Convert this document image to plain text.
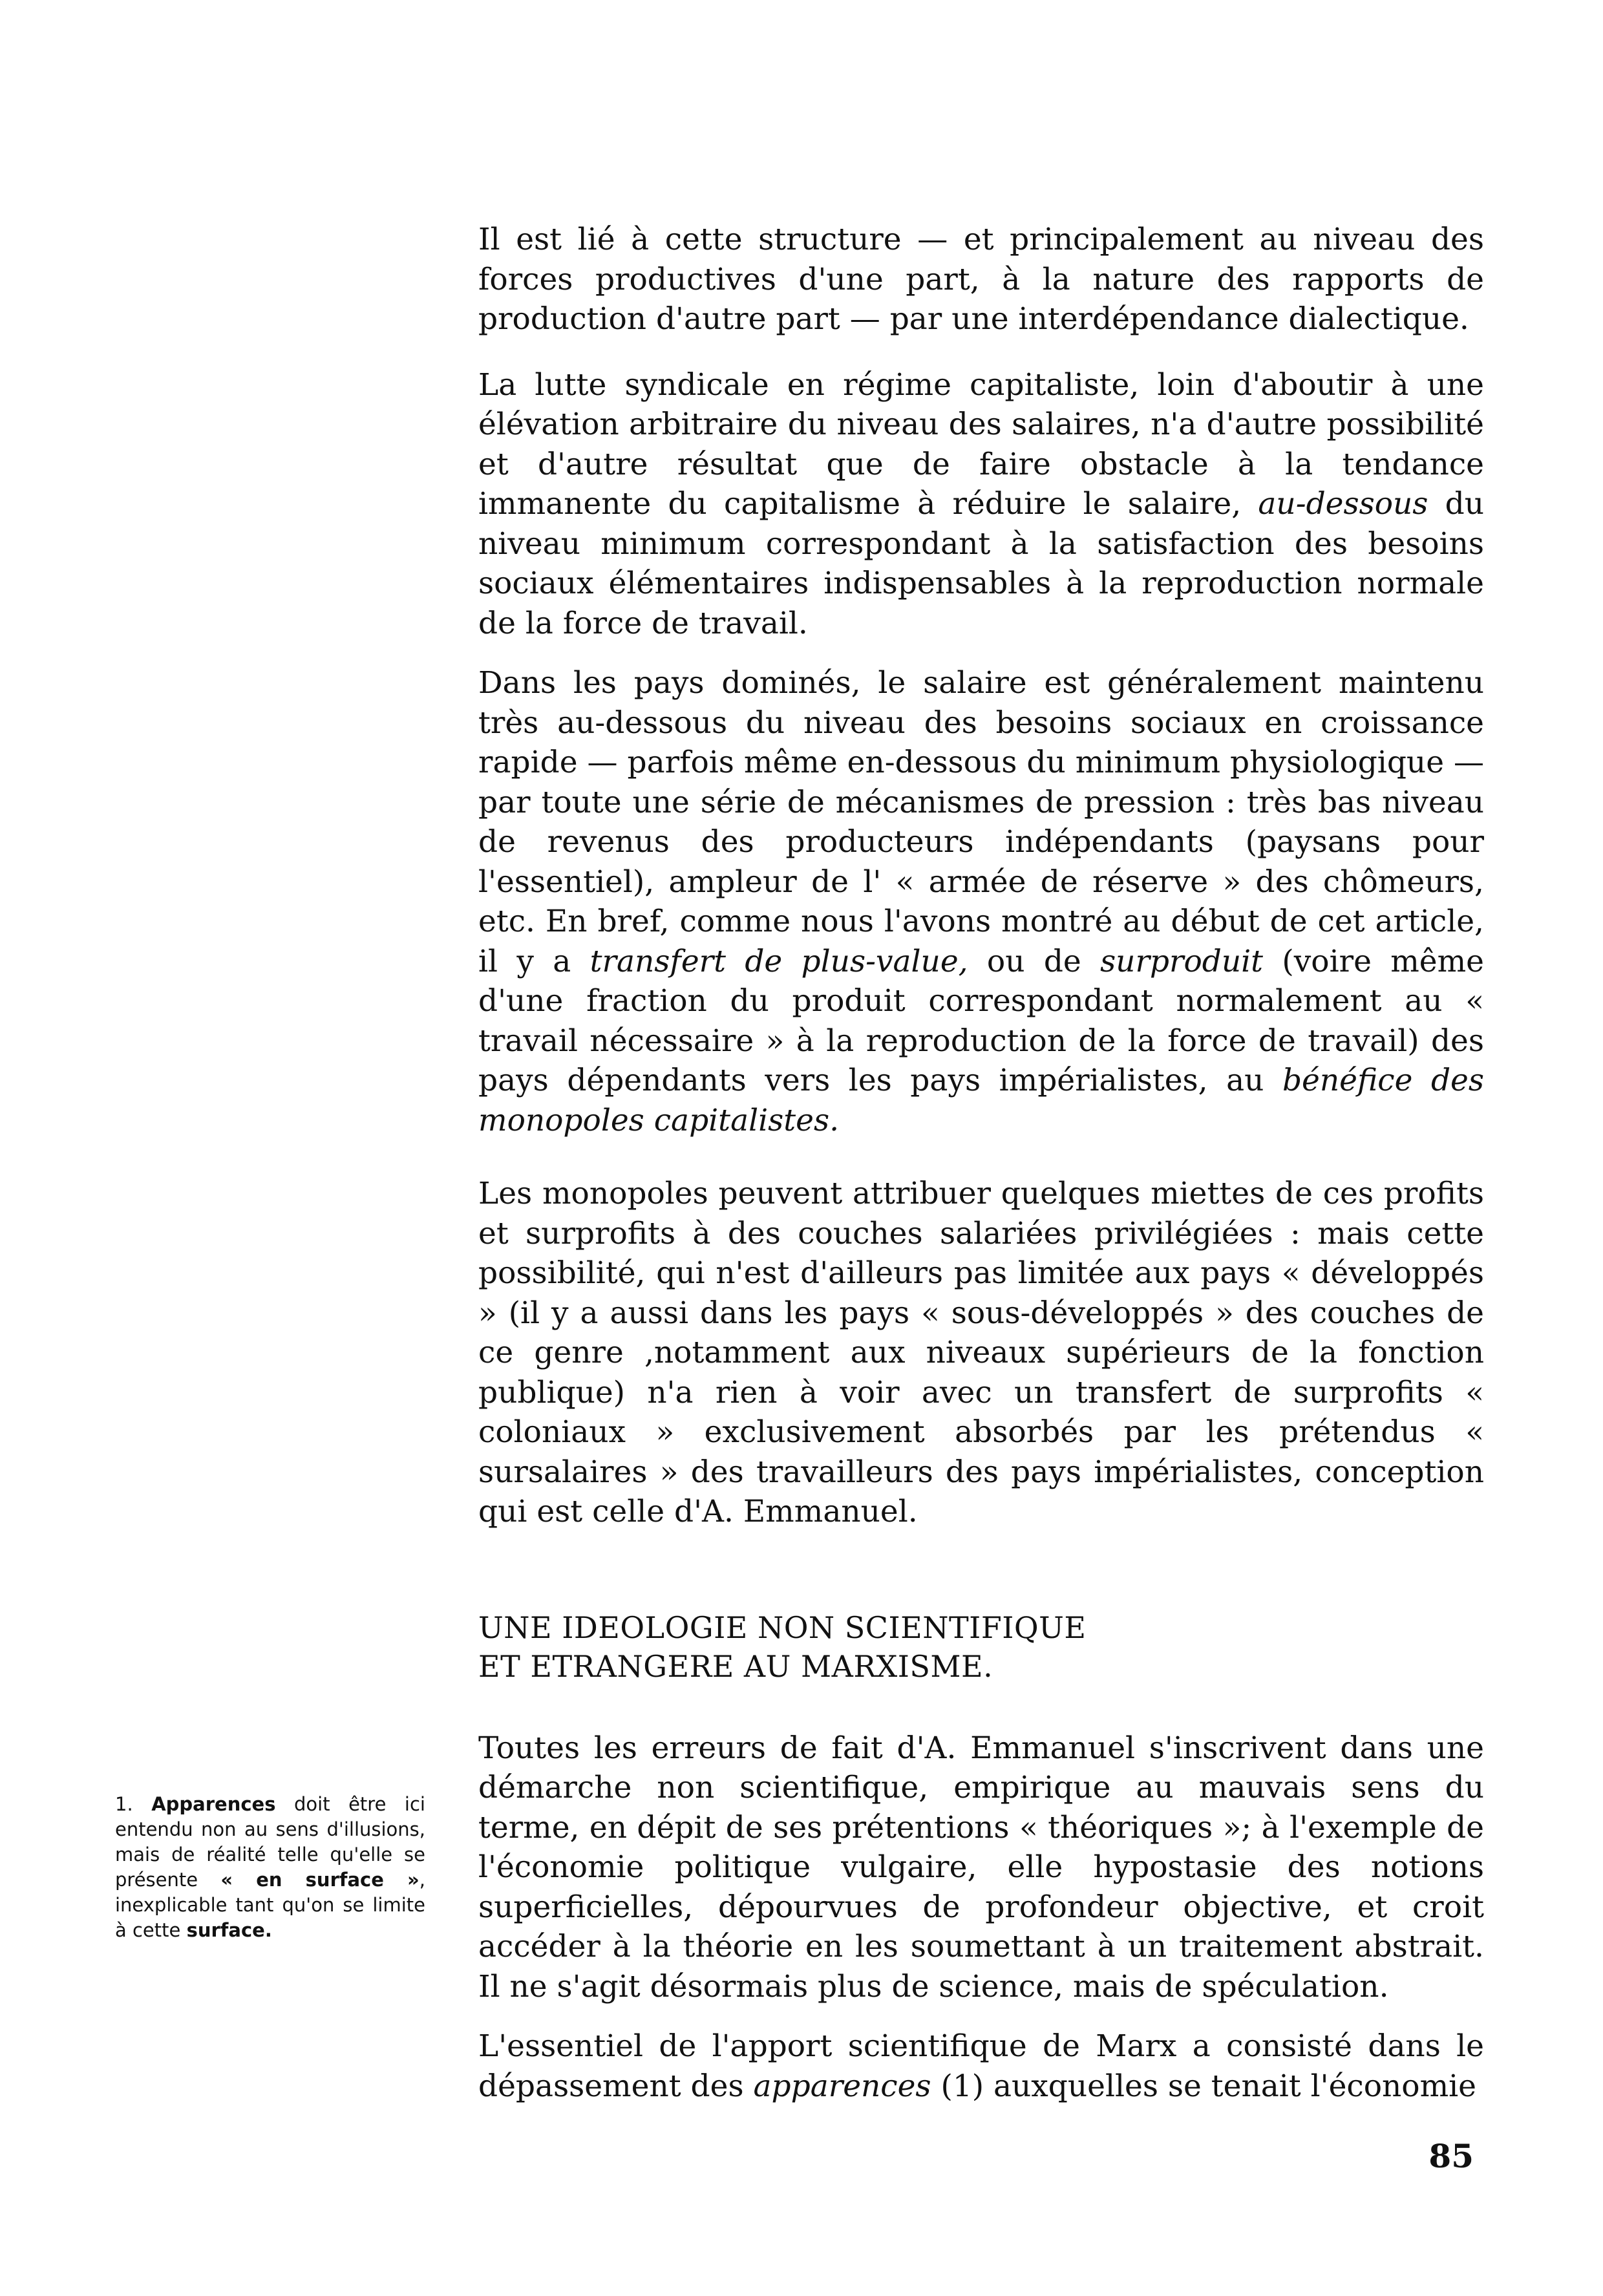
Il est lié à cette structure — et principalement au niveau des forces productives d'une part, à la nature des rapports de production d'autre part — par une interdépendance dialectique.

La lutte syndicale en régime capitaliste, loin d'aboutir à une élévation arbitraire du niveau des salaires, n'a d'autre possibilité et d'autre résultat que de faire obstacle à la tendance immanente du capitalisme à réduire le salaire, au-dessous du niveau minimum correspondant à la satisfaction des besoins sociaux élémentaires indispensables à la reproduction normale de la force de travail.

Dans les pays dominés, le salaire est généralement maintenu très au-dessous du niveau des besoins sociaux en croissance rapide — parfois même en-dessous du minimum physiologique — par toute une série de mécanismes de pression : très bas niveau de revenus des producteurs indépendants (paysans pour l'essentiel), ampleur de l' « armée de réserve » des chômeurs, etc. En bref, comme nous l'avons montré au début de cet article, il y a transfert de plus-value, ou de surproduit (voire même d'une fraction du produit correspondant normalement au « travail nécessaire » à la reproduction de la force de travail) des pays dépendants vers les pays impérialistes, au bénéfice des monopoles capitalistes.

Les monopoles peuvent attribuer quelques miettes de ces profits et surprofits à des couches salariées privilégiées : mais cette possibilité, qui n'est d'ailleurs pas limitée aux pays « développés » (il y a aussi dans les pays « sous-développés » des couches de ce genre ,notamment aux niveaux supérieurs de la fonction publique) n'a rien à voir avec un transfert de surprofits « coloniaux » exclusivement absorbés par les prétendus « sursalaires » des travailleurs des pays impérialistes, conception qui est celle d'A. Emmanuel.

UNE IDEOLOGIE NON SCIENTIFIQUE
ET ETRANGERE AU MARXISME.

Toutes les erreurs de fait d'A. Emmanuel s'inscrivent dans une démarche non scientifique, empirique au mauvais sens du terme, en dépit de ses prétentions « théoriques »; à l'exemple de l'économie politique vulgaire, elle hypostasie des notions superficielles, dépourvues de profondeur objective, et croit accéder à la théorie en les soumettant à un traitement abstrait. Il ne s'agit désormais plus de science, mais de spéculation.

L'essentiel de l'apport scientifique de Marx a consisté dans le dépassement des apparences (1) auxquelles se tenait l'économie

1. Apparences doit être ici entendu non au sens d'illusions, mais de réalité telle qu'elle se présente « en surface », inexplicable tant qu'on se limite à cette surface.
85
